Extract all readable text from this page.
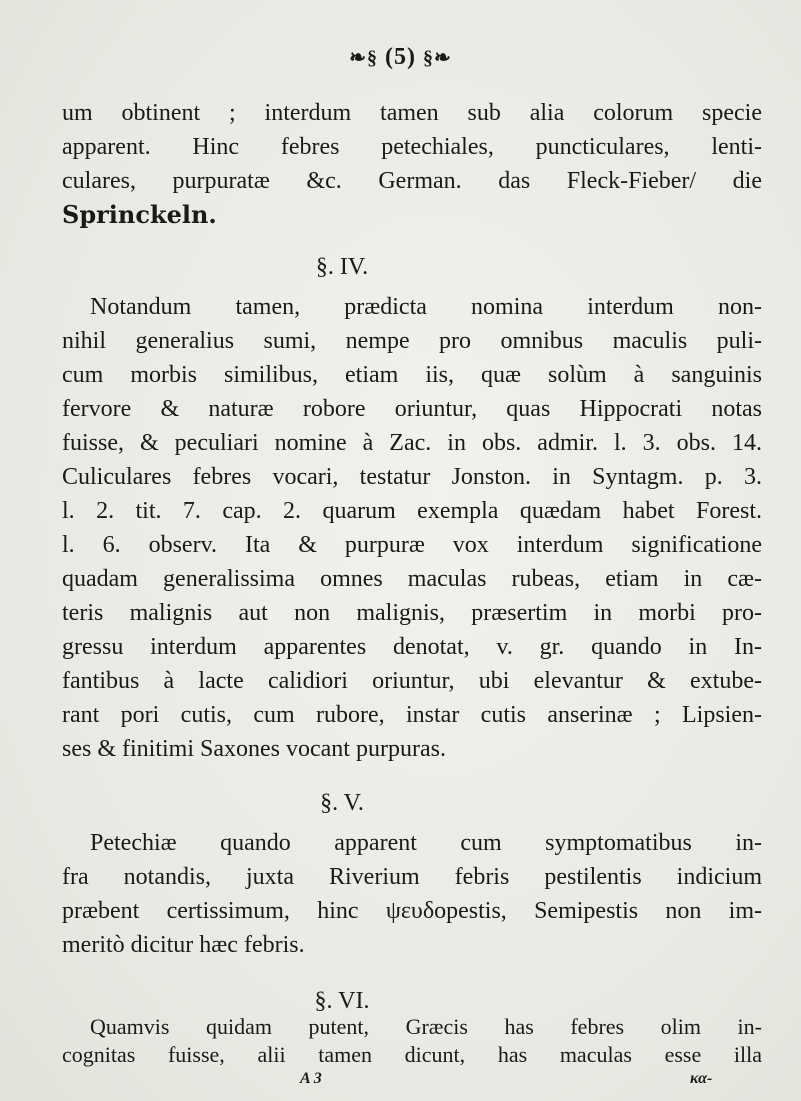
❧§ (5) §❧
um obtinent ; interdum tamen sub alia colorum specie
apparent. Hinc febres petechiales, puncticulares, lenti-
culares, purpuratæ &c. German. das Fleck-Fieber/ die
Sprinckeln.
§. IV.
Notandum tamen, prædicta nomina interdum non-
nihil generalius sumi, nempe pro omnibus maculis puli-
cum morbis similibus, etiam iis, quæ solùm à sanguinis
fervore & naturæ robore oriuntur, quas Hippocrati notas
fuisse, & peculiari nomine à Zac. in obs. admir. l. 3. obs. 14.
Culiculares febres vocari, testatur Jonston. in Syntagm. p. 3.
l. 2. tit. 7. cap. 2. quarum exempla quædam habet Forest.
l. 6. observ. Ita & purpuræ vox interdum significatione
quadam generalissima omnes maculas rubeas, etiam in cæ-
teris malignis aut non malignis, præsertim in morbi pro-
gressu interdum apparentes denotat, v. gr. quando in In-
fantibus à lacte calidiori oriuntur, ubi elevantur & extube-
rant pori cutis, cum rubore, instar cutis anserinæ ; Lipsien-
ses & finitimi Saxones vocant purpuras.
§. V.
Petechiæ quando apparent cum symptomatibus in-
fra notandis, juxta Riverium febris pestilentis indicium
præbent certissimum, hinc ψευδοpestis, Semipestis non im-
meritò dicitur hæc febris.
§. VI.
Quamvis quidam putent, Græcis has febres olim in-
A 3	κα-
cognitas fuisse, alii tamen dicunt, has maculas esse illa
